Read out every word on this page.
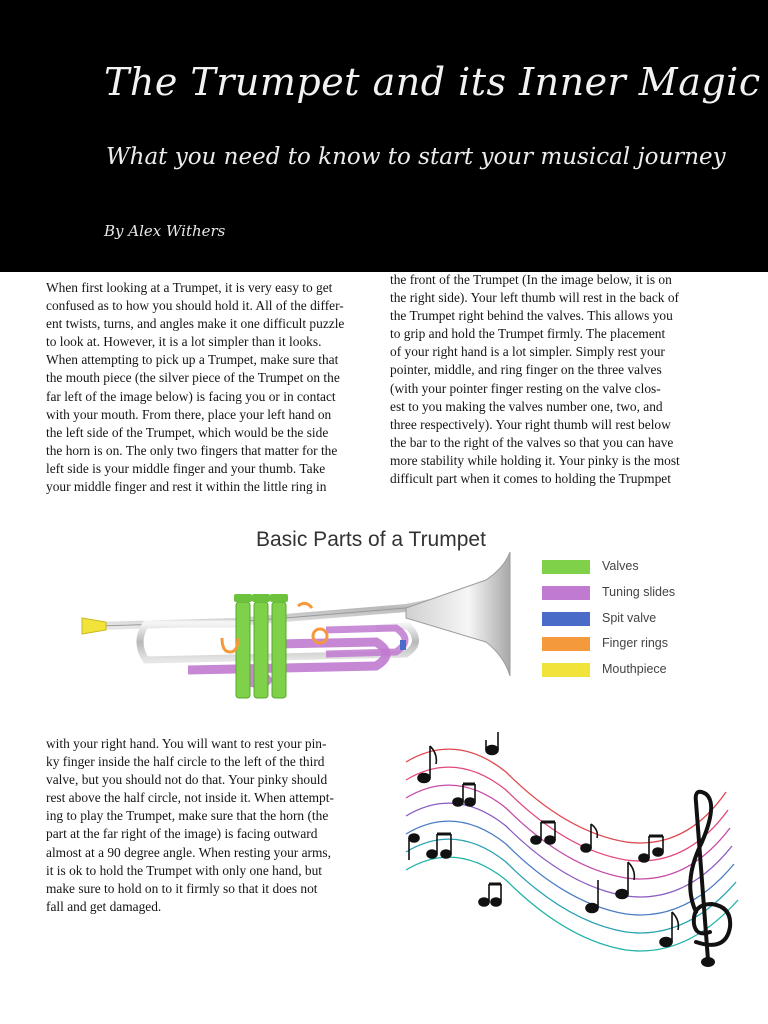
The Trumpet and its Inner Magic
What you need to know to start your musical journey
By Alex Withers
When first looking at a Trumpet, it is very easy to get
confused as to how you should hold it. All of the differ-
ent twists, turns, and angles make it one difficult puzzle
to look at. However, it is a lot simpler than it looks.
When attempting to pick up a Trumpet, make sure that
the mouth piece (the silver piece of the Trumpet on the
far left of the image below) is facing you or in contact
with your mouth. From there, place your left hand on
the left side of the Trumpet, which would be the side
the horn is on. The only two fingers that matter for the
left side is your middle finger and your thumb. Take
your middle finger and rest it within the little ring in
the front of the Trumpet (In the image below, it is on
the right side). Your left thumb will rest in the back of
the Trumpet right behind the valves. This allows you
to grip and hold the Trumpet firmly. The placement
of your right hand is a lot simpler. Simply rest your
pointer, middle, and ring finger on the three valves
(with your pointer finger resting on the valve clos-
est to you making the valves number one, two, and
three respectively). Your right thumb will rest below
the bar to the right of the valves so that you can have
more stability while holding it. Your pinky is the most
difficult part when it comes to holding the Trupmpet
Basic Parts of a Trumpet
Valves
Tuning slides
Spit valve
Finger rings
Mouthpiece
with your right hand. You will want to rest your pin-
ky finger inside the half circle to the left of the third
valve, but you should not do that. Your pinky should
rest above the half circle, not inside it. When attempt-
ing to play the Trumpet, make sure that the horn (the
part at the far right of the image) is facing outward
almost at a 90 degree angle. When resting your arms,
it is ok to hold the Trumpet with only one hand, but
make sure to hold on to it firmly so that it does not
fall and get damaged.
